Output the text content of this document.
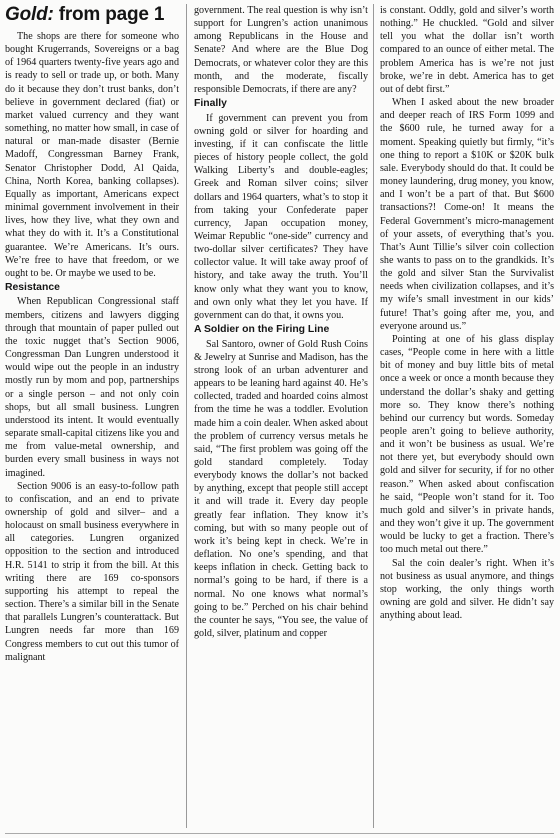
Gold: from page 1

The shops are there for someone who bought Krugerrands, Sovereigns or a bag of 1964 quarters twenty-five years ago and is ready to sell or trade up, or both. Many do it because they don’t trust banks, don’t believe in government declared (fiat) or market valued currency and they want something, no matter how small, in case of natural or man-made disaster (Bernie Madoff, Congressman Barney Frank, Senator Christopher Dodd, Al Qaida, China, North Korea, banking collapses). Equally as important, Americans expect minimal government involvement in their lives, how they live, what they own and what they do with it. It’s a Constitutional guarantee. We’re Americans. It’s ours. We’re free to have that freedom, or we ought to be. Or maybe we used to be.

Resistance

When Republican Congressional staff members, citizens and lawyers digging through that mountain of paper pulled out the toxic nugget that’s Section 9006, Congressman Dan Lungren understood it would wipe out the people in an industry mostly run by mom and pop, partnerships or a single person – and not only coin shops, but all small business. Lungren understood its intent. It would eventually separate small-capital citizens like you and me from value-metal ownership, and burden every small business in ways not imagined.

Section 9006 is an easy-to-follow path to confiscation, and an end to private ownership of gold and silver– and a holocaust on small business everywhere in all categories. Lungren organized opposition to the section and introduced H.R. 5141 to strip it from the bill. At this writing there are 169 co-sponsors supporting his attempt to repeal the section. There’s a similar bill in the Senate that parallels Lungren’s counterattack. But Lungren needs far more than 169 Congress members to cut out this tumor of malignant

government. The real question is why isn’t support for Lungren’s action unanimous among Republicans in the House and Senate? And where are the Blue Dog Democrats, or whatever color they are this month, and the moderate, fiscally responsible Democrats, if there are any?

Finally

If government can prevent you from owning gold or silver for hoarding and investing, if it can confiscate the little pieces of history people collect, the gold Walking Liberty’s and double-eagles; Greek and Roman silver coins; silver dollars and 1964 quarters, what’s to stop it from taking your Confederate paper currency, Japan occupation money, Weimar Republic “one-side” currency and two-dollar silver certificates? They have collector value. It will take away proof of history, and take away the truth. You’ll know only what they want you to know, and own only what they let you have. If government can do that, it owns you.

A Soldier on the Firing Line

Sal Santoro, owner of Gold Rush Coins & Jewelry at Sunrise and Madison, has the strong look of an urban adventurer and appears to be leaning hard against 40. He’s collected, traded and hoarded coins almost from the time he was a toddler. Evolution made him a coin dealer. When asked about the problem of currency versus metals he said, “The first problem was going off the gold standard completely. Today everybody knows the dollar’s not backed by anything, except that people still accept it and will trade it. Every day people greatly fear inflation. They know it’s coming, but with so many people out of work it’s being kept in check. We’re in deflation. No one’s spending, and that keeps inflation in check. Getting back to normal’s going to be hard, if there is a normal. No one knows what normal’s going to be.” Perched on his chair behind the counter he says, “You see, the value of gold, silver, platinum and copper

is constant. Oddly, gold and silver’s worth nothing.” He chuckled. “Gold and silver tell you what the dollar isn’t worth compared to an ounce of either metal. The problem America has is we’re not just broke, we’re in debt. America has to get out of debt first.”

When I asked about the new broader and deeper reach of IRS Form 1099 and the $600 rule, he turned away for a moment. Speaking quietly but firmly, “it’s one thing to report a $10K or $20K bulk sale. Everybody should do that. It could be money laundering, drug money, you know, and I won’t be a part of that. But $600 transactions?! Come-on! It means the Federal Government’s micro-management of your assets, of everything that’s you. That’s Aunt Tillie’s silver coin collection she wants to pass on to the grandkids. It’s the gold and silver Stan the Survivalist needs when civilization collapses, and it’s my wife’s small investment in our kids’ future! That’s going after me, you, and everyone around us.”

Pointing at one of his glass display cases, “People come in here with a little bit of money and buy little bits of metal once a week or once a month because they understand the dollar’s shaky and getting more so. They know there’s nothing behind our currency but words. Someday people aren’t going to believe authority, and it won’t be business as usual. We’re not there yet, but everybody should own gold and silver for security, if for no other reason.” When asked about confiscation he said, “People won’t stand for it. Too much gold and silver’s in private hands, and they won’t give it up. The government would be lucky to get a fraction. There’s too much metal out there.”

Sal the coin dealer’s right. When it’s not business as usual anymore, and things stop working, the only things worth owning are gold and silver. He didn’t say anything about lead.
